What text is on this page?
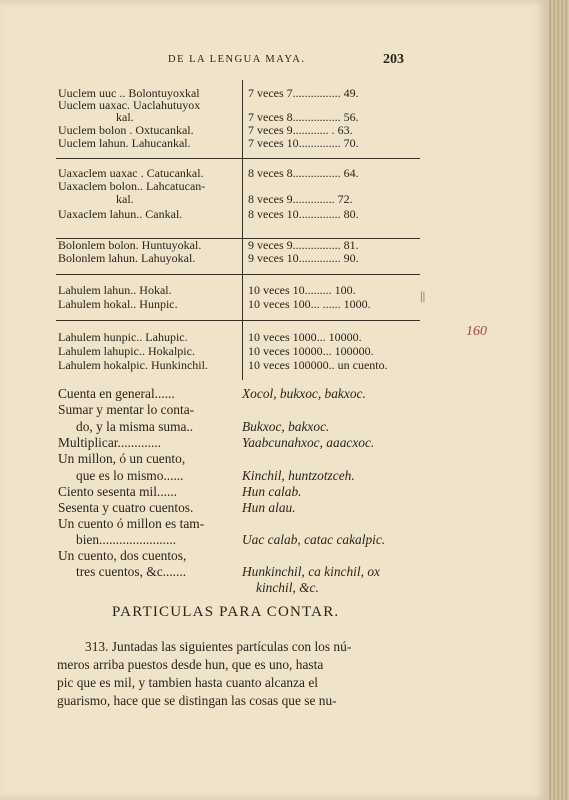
DE LA LENGUA MAYA.	203
160
||
Uuclem uuc .. Bolontuyoxkal	7 veces 7................ 49.
Uuclem uaxac. Uaclahutuyox
kal.	7 veces 8................ 56.
Uuclem bolon . Oxtucankal.	7 veces 9............ . 63.
Uuclem lahun. Lahucankal.	7 veces 10.............. 70.
Uaxaclem uaxac . Catucankal.	8 veces 8................ 64.
Uaxaclem bolon.. Lahcatucan-
kal.	8 veces 9.............. 72.
Uaxaclem lahun.. Cankal.	8 veces 10.............. 80.
Bolonlem bolon. Huntuyokal.	9 veces 9................ 81.
Bolonlem lahun. Lahuyokal.	9 veces 10.............. 90.
Lahulem lahun.. Hokal.	10 veces 10......... 100.
Lahulem hokal.. Hunpic.	10 veces 100... ...... 1000.
Lahulem hunpic.. Lahupic.	10 veces 1000... 10000.
Lahulem lahupic.. Hokalpic.	10 veces 10000... 100000.
Lahulem hokalpic. Hunkinchil.	10 veces 100000.. un cuento.
Cuenta en general......	Xocol, bukxoc, bakxoc.
Sumar y mentar lo conta-
do, y la misma suma..	Bukxoc, bakxoc.
Multiplicar.............	Yaabcunahxoc, aaacxoc.
Un millon, ó un cuento,
que es lo mismo......	Kinchil, huntzotzceh.
Ciento sesenta mil......	Hun calab.
Sesenta y cuatro cuentos.	Hun alau.
Un cuento ó millon es tam-
bien.......................	Uac calab, catac cakalpic.
Un cuento, dos cuentos,
tres cuentos, &c.......	Hunkinchil, ca kinchil, ox
kinchil, &c.
PARTICULAS PARA CONTAR.
313. Juntadas las siguientes partículas con los nú-
meros arriba puestos desde hun, que es uno, hasta
pic que es mil, y tambien hasta cuanto alcanza el
guarismo, hace que se distingan las cosas que se nu-
